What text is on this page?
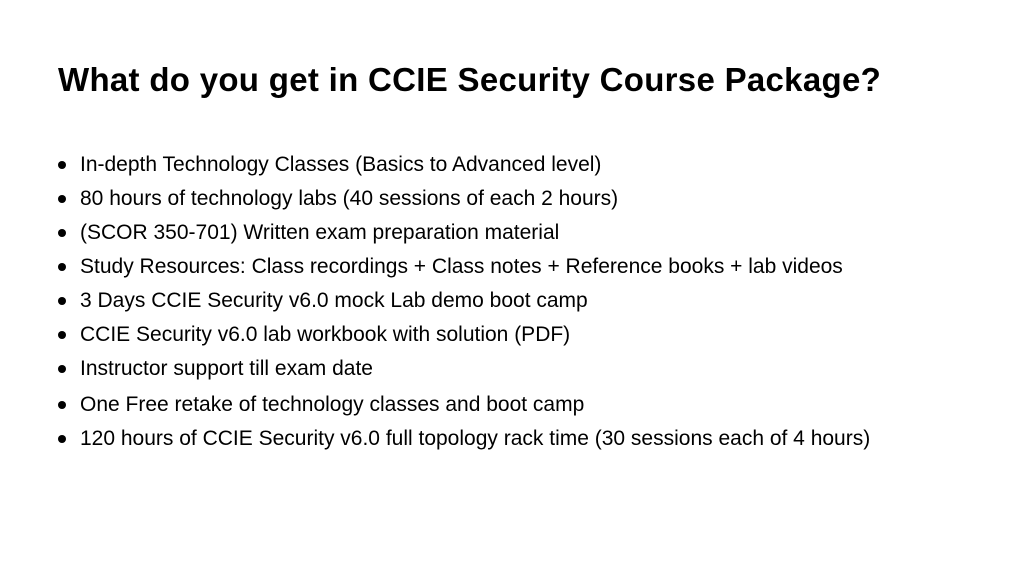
What do you get in CCIE Security Course Package?
In-depth Technology Classes (Basics to Advanced level)
80 hours of technology labs (40 sessions of each 2 hours)
(SCOR 350-701) Written exam preparation material
Study Resources: Class recordings + Class notes + Reference books + lab videos
3 Days CCIE Security v6.0 mock Lab demo boot camp
CCIE Security v6.0 lab workbook with solution (PDF)
Instructor support till exam date
One Free retake of technology classes and boot camp
120 hours of CCIE Security v6.0 full topology rack time (30 sessions each of 4 hours)
